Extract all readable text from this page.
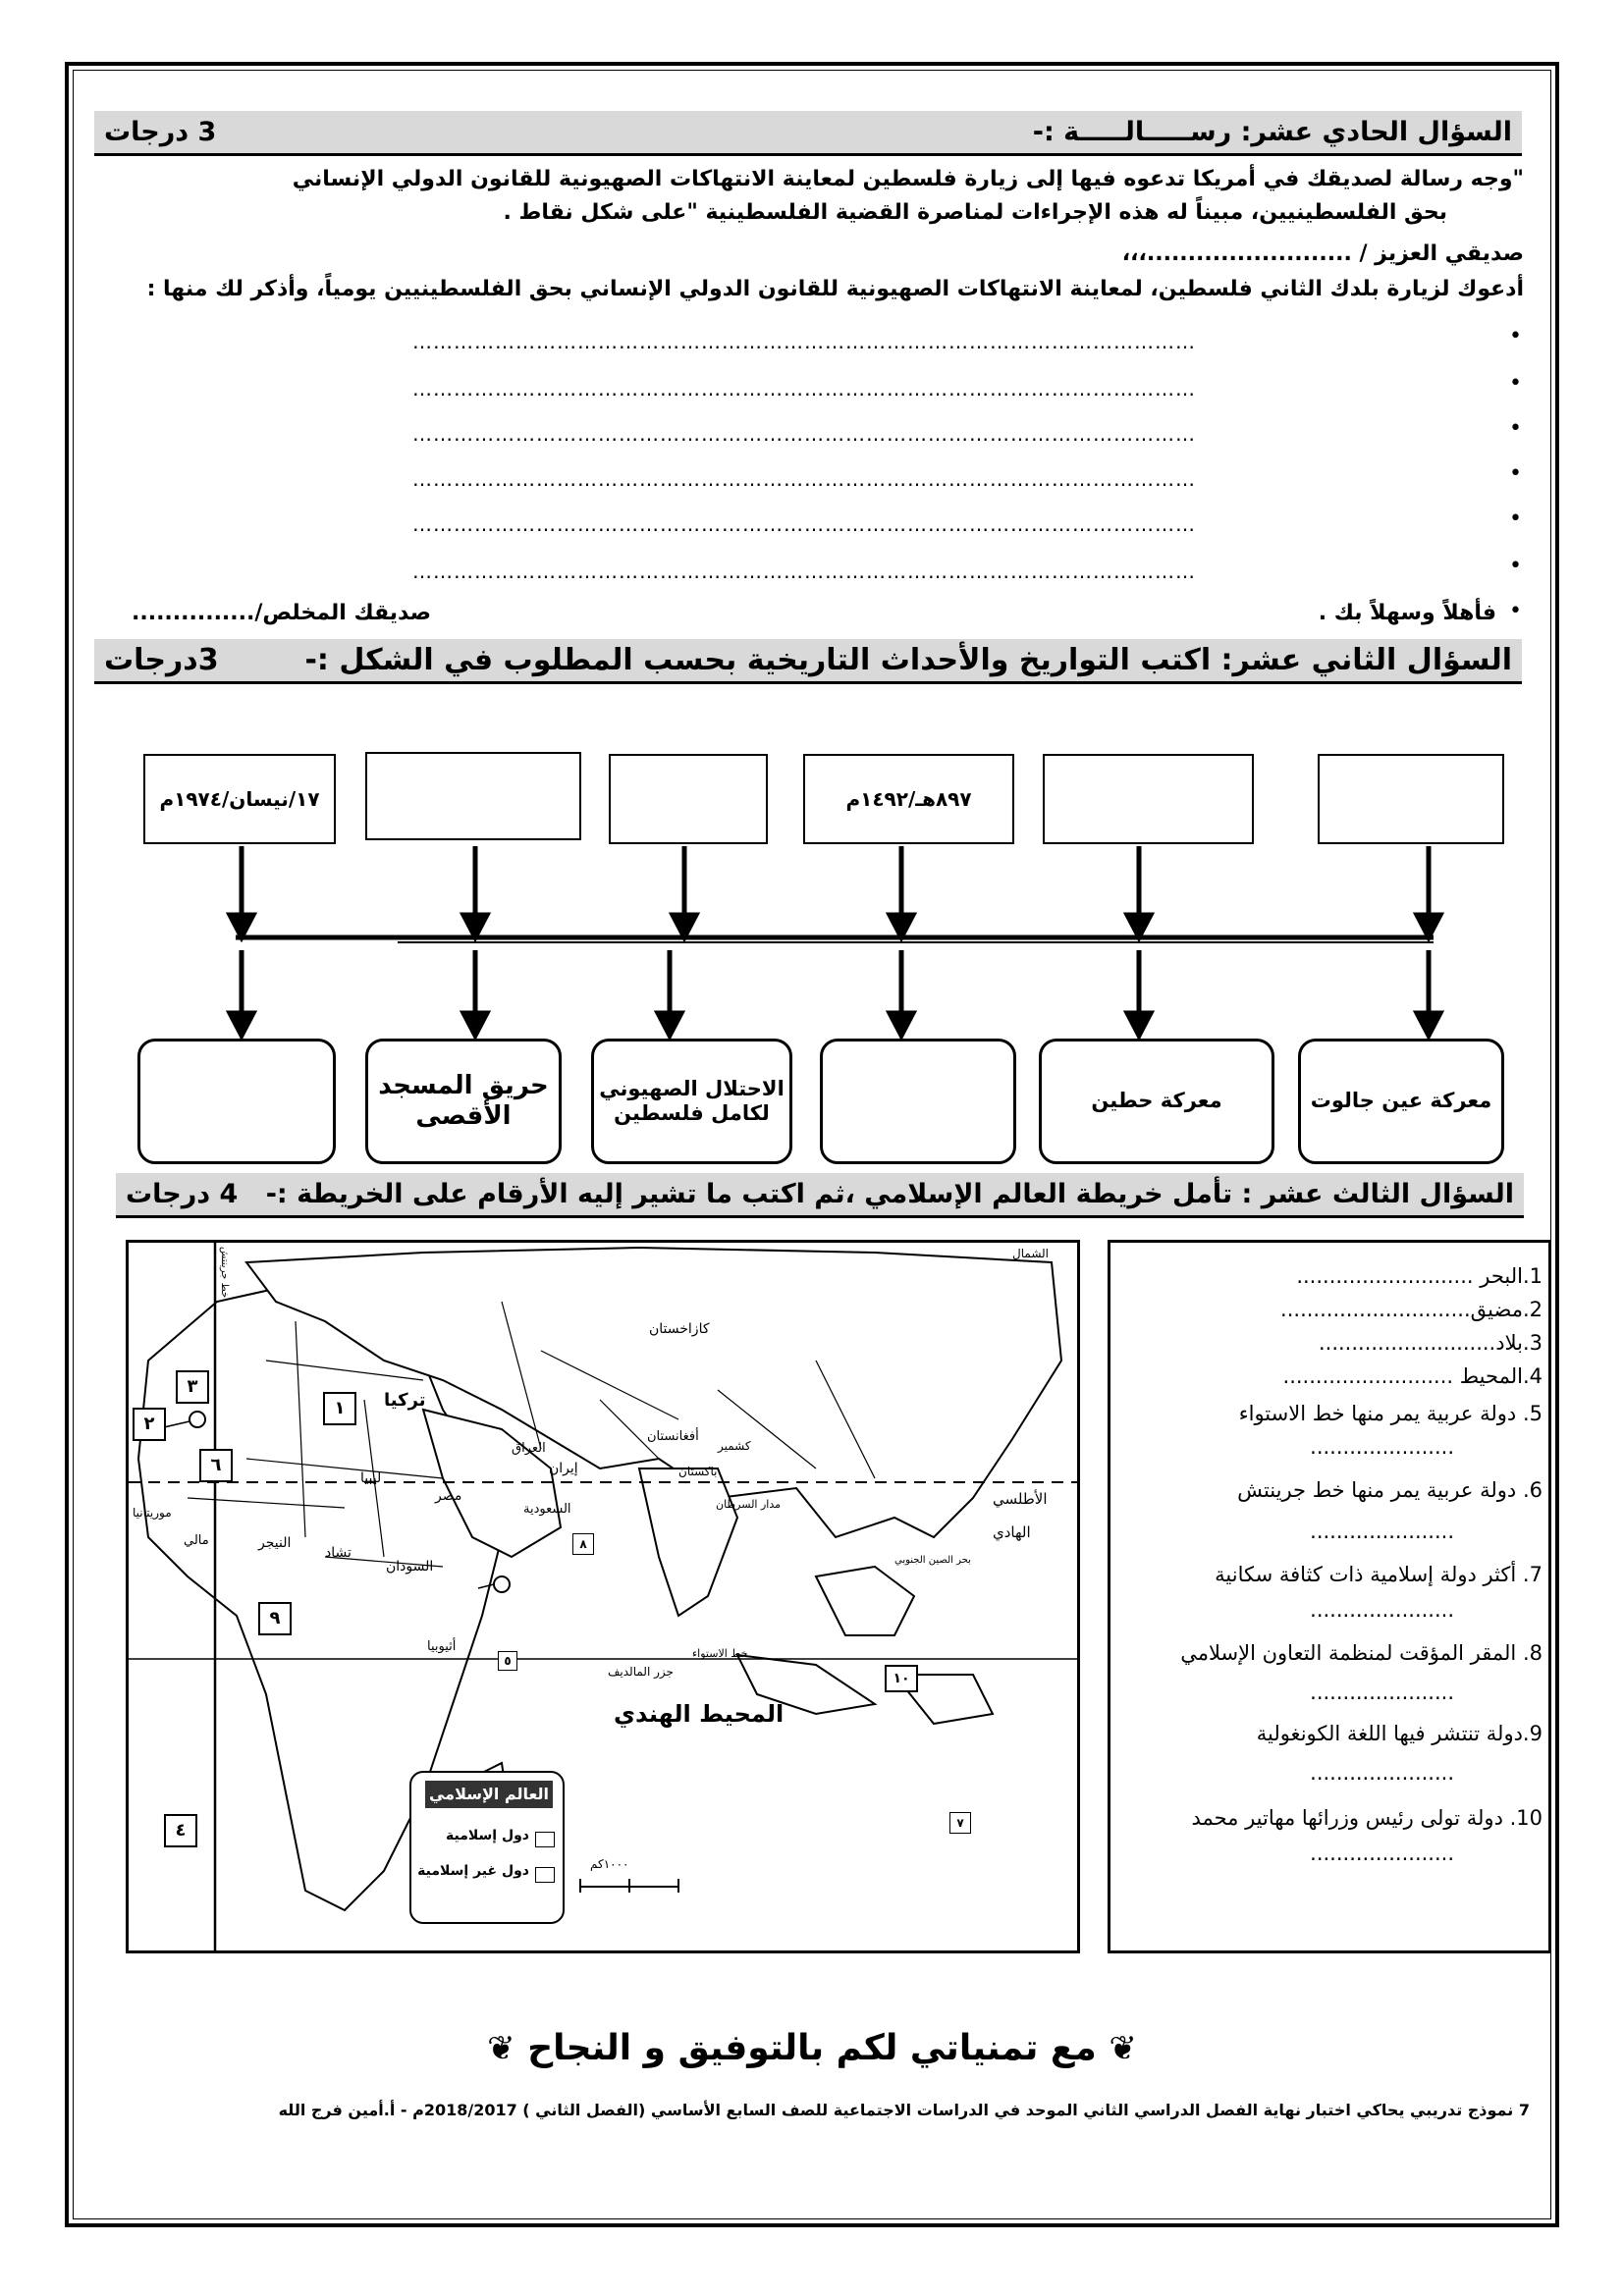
السؤال الحادي عشر: رســـــالـــــة :-
3 درجات
"وجه رسالة لصديقك في أمريكا تدعوه فيها إلى زيارة فلسطين لمعاينة الانتهاكات الصهيونية للقانون الدولي الإنساني
بحق الفلسطينيين، مبيناً له هذه الإجراءات لمناصرة القضية الفلسطينية "على شكل نقاط .
صديقي العزيز / .........................،،،
أدعوك لزيارة بلدك الثاني فلسطين، لمعاينة الانتهاكات الصهيونية للقانون الدولي الإنساني بحق الفلسطينيين يومياً، وأذكر لك منها :
•
……………………………………………………………………………………………………
•
……………………………………………………………………………………………………
•
……………………………………………………………………………………………………
•
……………………………………………………………………………………………………
•
……………………………………………………………………………………………………
•
……………………………………………………………………………………………………
•
فأهلاً وسهلاً بك .
صديقك المخلص/...............
السؤال الثاني عشر: اكتب التواريخ والأحداث التاريخية بحسب المطلوب في الشكل :-
3درجات
٨٩٧هـ/١٤٩٢م
١٧/نيسان/١٩٧٤م
معركة عين جالوت
معركة حطين
الاحتلال الصهيوني لكامل فلسطين
حريق المسجد الأقصى
السؤال الثالث عشر : تأمل خريطة العالم الإسلامي ،ثم اكتب ما تشير إليه الأرقام على الخريطة :-
4 درجات
1.البحر ...........................
2.مضيق.............................
3.بلاد...........................
4.المحيط ..........................
5. دولة عربية يمر منها خط الاستواء
......................
6. دولة عربية يمر منها خط جرينتش
......................
7. أكثر دولة إسلامية ذات كثافة سكانية
......................
8. المقر المؤقت لمنظمة التعاون الإسلامي
......................
9.دولة تنتشر فيها اللغة الكونغولية
......................
10. دولة تولى رئيس وزرائها مهاتير محمد
......................
الشمال
كازاخستان
تركيا
إيران
العراق
أفغانستان
كشمير
باكستان
مدار السرطان
مصر
ليبيا
السعودية
السودان
تشاد
النيجر
مالي
موريتانيا
أثيوبيا
جزر المالديف
خط الاستواء
المحيط الهندي
الأطلسي
الهادي
بحر الصين الجنوبي
خط جرينتش
١٠٠٠كم
العالم الإسلامي
دول إسلامية
دول غير إسلامية
١
٢
٣
٤
٥
٦
٧
٨
٩
١٠
❦ مع تمنياتي لكم بالتوفيق و النجاح ❦
7 نموذج تدريبي يحاكي اختبار نهاية الفصل الدراسي الثاني الموحد في الدراسات الاجتماعية للصف السابع الأساسي (الفصل الثاني ) 2018/2017م - أ.أمين فرج الله
